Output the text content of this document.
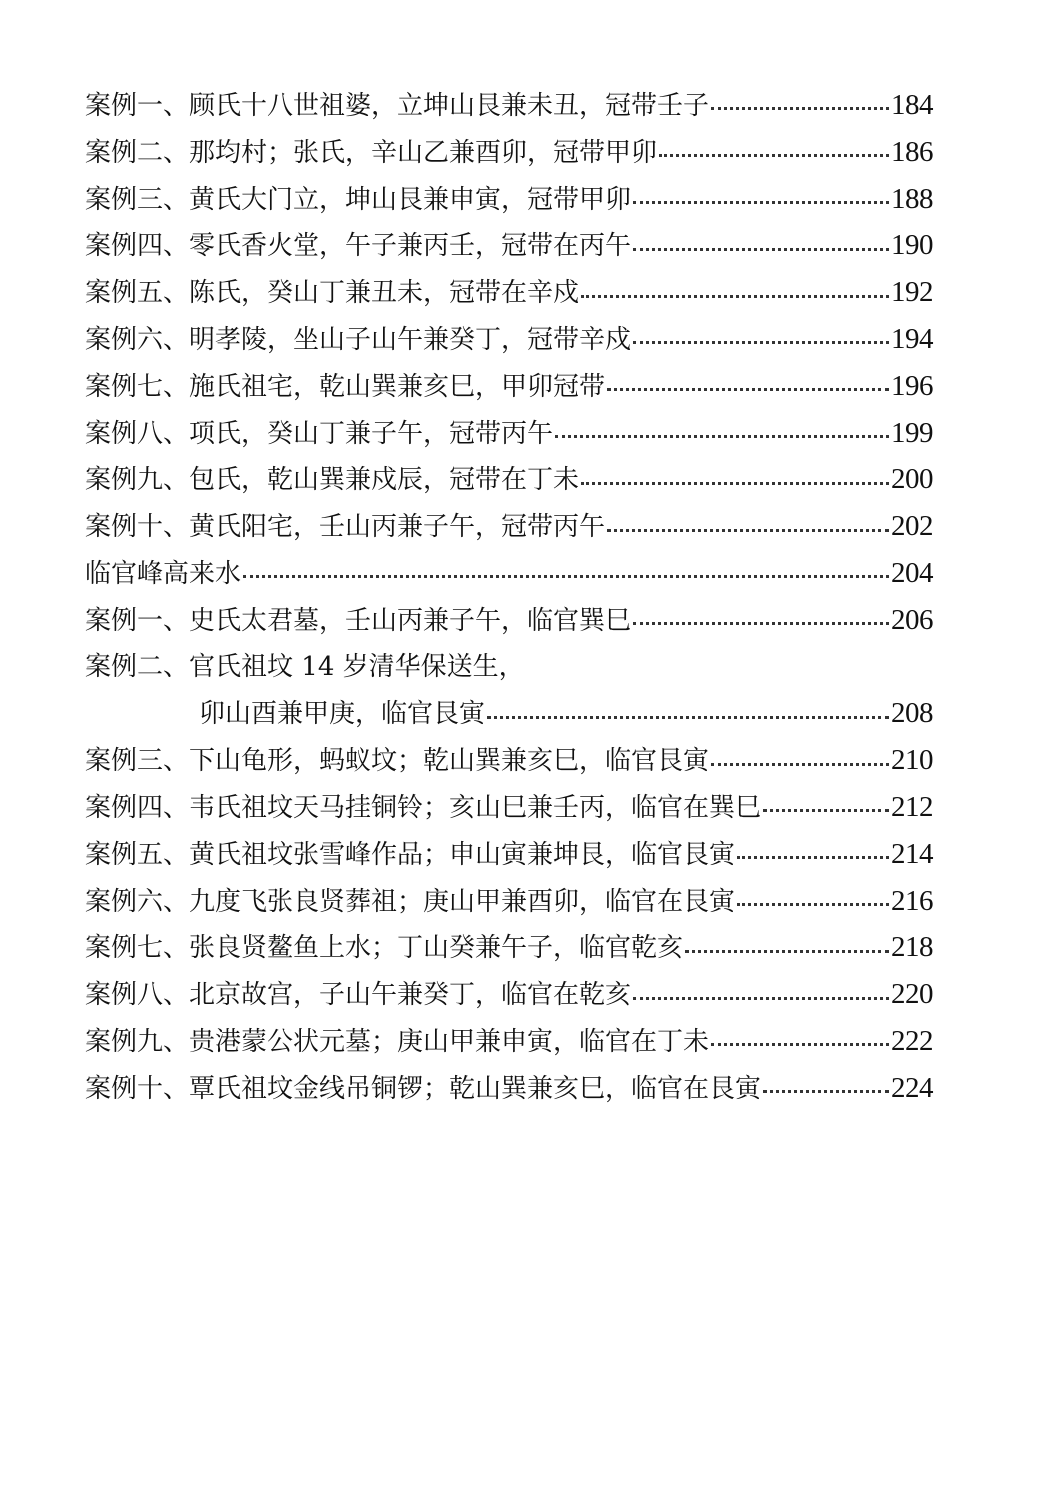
案例一、 顾氏十八世祖婆，立坤山艮兼未丑，冠带壬子	184
案例二、 那均村；张氏，辛山乙兼酉卯，冠带甲卯	186
案例三、 黄氏大门立，坤山艮兼申寅，冠带甲卯	188
案例四、 零氏香火堂，午子兼丙壬，冠带在丙午	190
案例五、 陈氏，癸山丁兼丑未，冠带在辛戍	192
案例六、 明孝陵，坐山子山午兼癸丁，冠带辛戍	194
案例七、 施氏祖宅，乾山巽兼亥巳，甲卯冠带	196
案例八、 项氏，癸山丁兼子午，冠带丙午	199
案例九、 包氏，乾山巽兼戍辰，冠带在丁未	200
案例十、 黄氏阳宅，壬山丙兼子午，冠带丙午	202
临官峰高来水	204
案例一、 史氏太君墓，壬山丙兼子午，临官巽巳	206
案例二、 官氏祖坟 14 岁清华保送生，
卯山酉兼甲庚，临官艮寅	208
案例三、 下山龟形，蚂蚁坟；乾山巽兼亥巳，临官艮寅	210
案例四、 韦氏祖坟天马挂铜铃；亥山巳兼壬丙，临官在巽巳	212
案例五、 黄氏祖坟张雪峰作品；申山寅兼坤艮，临官艮寅	214
案例六、 九度飞张良贤葬祖；庚山甲兼酉卯，临官在艮寅	216
案例七、 张良贤鳌鱼上水；丁山癸兼午子，临官乾亥	218
案例八、 北京故宫，子山午兼癸丁，临官在乾亥	220
案例九、 贵港蒙公状元墓；庚山甲兼申寅，临官在丁未	222
案例十、 覃氏祖坟金线吊铜锣；乾山巽兼亥巳，临官在艮寅	224
